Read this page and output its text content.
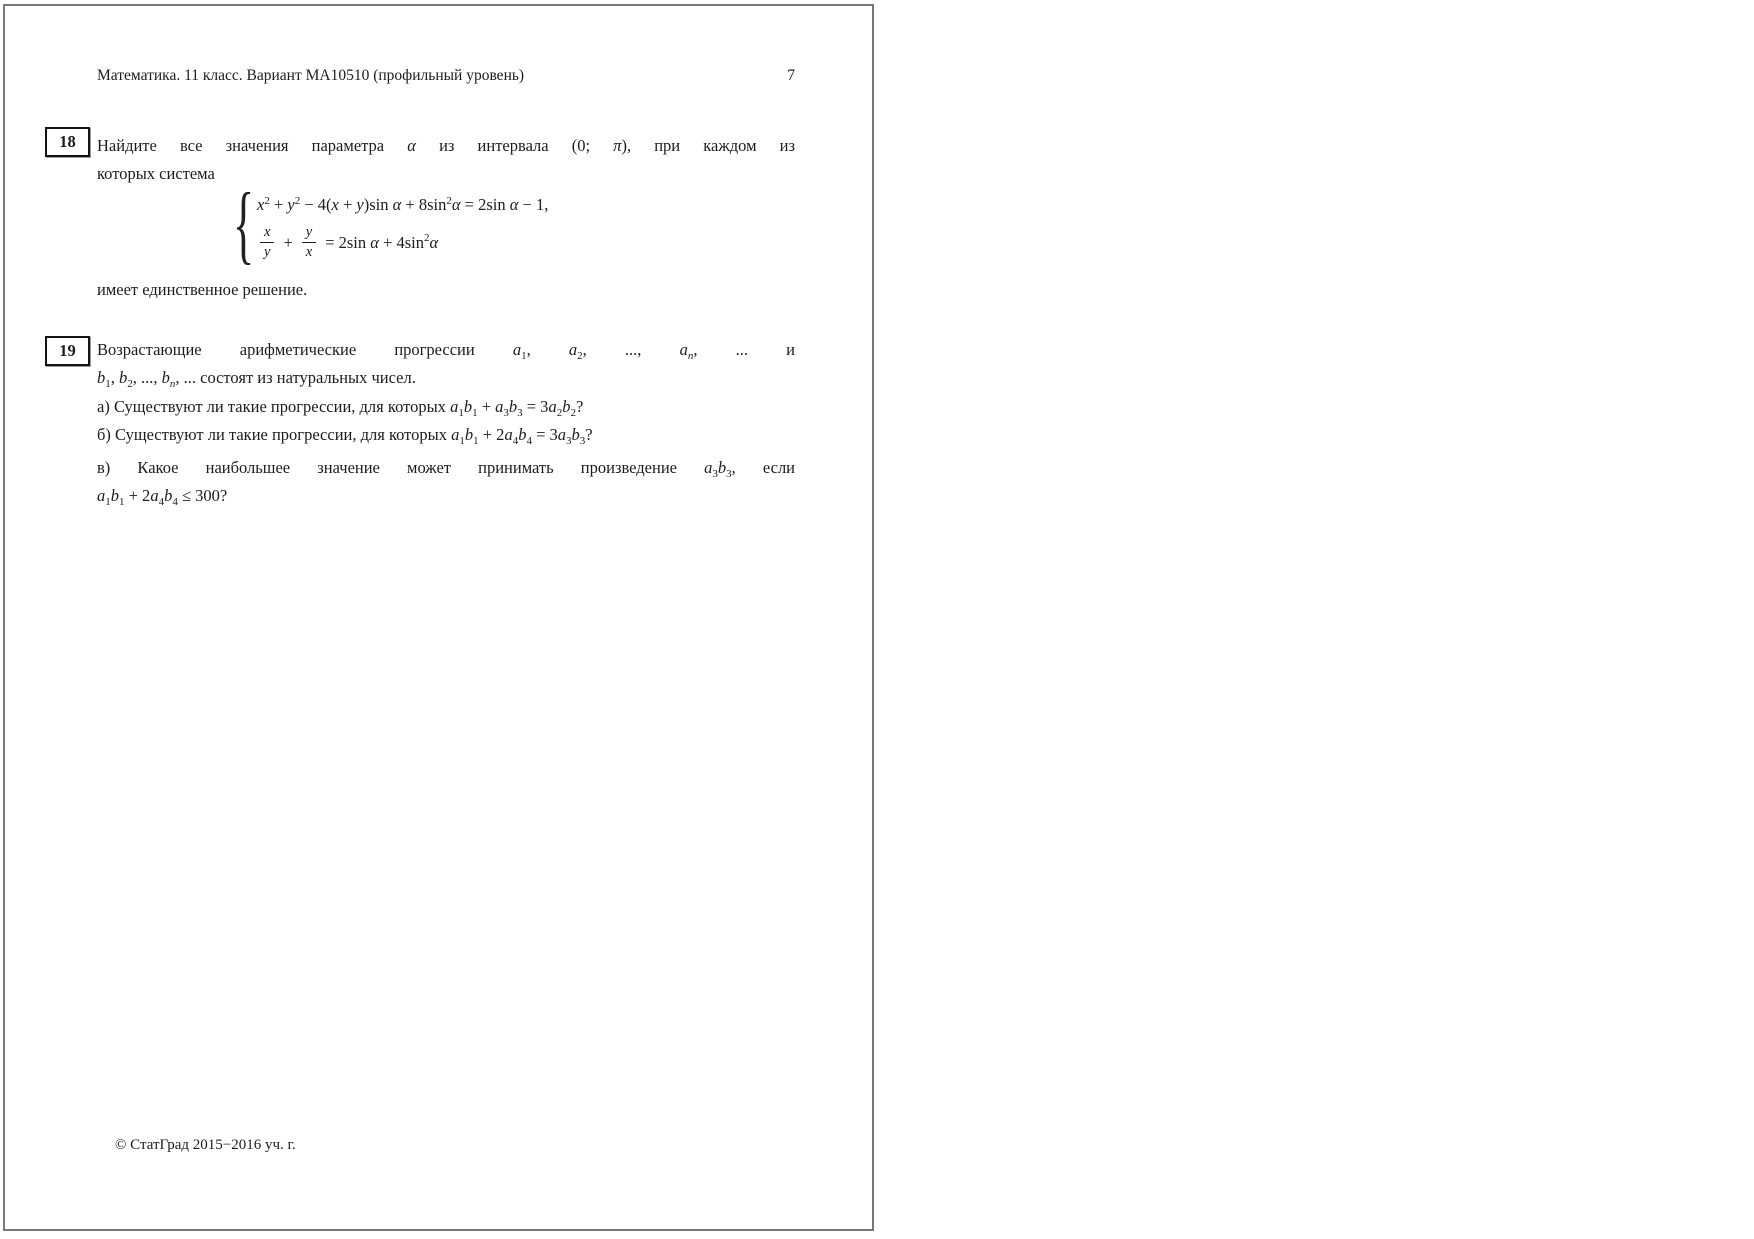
Математика. 11 класс. Вариант МА10510 (профильный уровень)	7
18 Найдите все значения параметра α из интервала (0; π), при каждом из
которых система
{ $x^2 + y^2 - 4(x + y)\sin$ $\alpha + 8\sin^2\alpha = 2\sin$ α − 1,
$\frac{x}{y} + \frac{y}{x} = 2\sin$ $\alpha + 4\sin^2\alpha$
имеет единственное решение.
19 Возрастающие арифметические прогрессии $a_1$, $a_2$, ..., $a_n$, ... и
$b_1$, $b_2$, ..., $b_n$, ... состоят из натуральных чисел.
а) Существуют ли такие прогрессии, для которых $a_1b_1 + a_3b_3 = 3a_2b_2$?
б) Существуют ли такие прогрессии, для которых $a_1b_1 + 2a_4b_4 = 3a_3b_3$?
в) Какое наибольшее значение может принимать произведение $a_3b_3$, если
$a_1b_1 + 2a_4b_4 \le 300$?
© СтатГрад 2015−2016 уч. г.
